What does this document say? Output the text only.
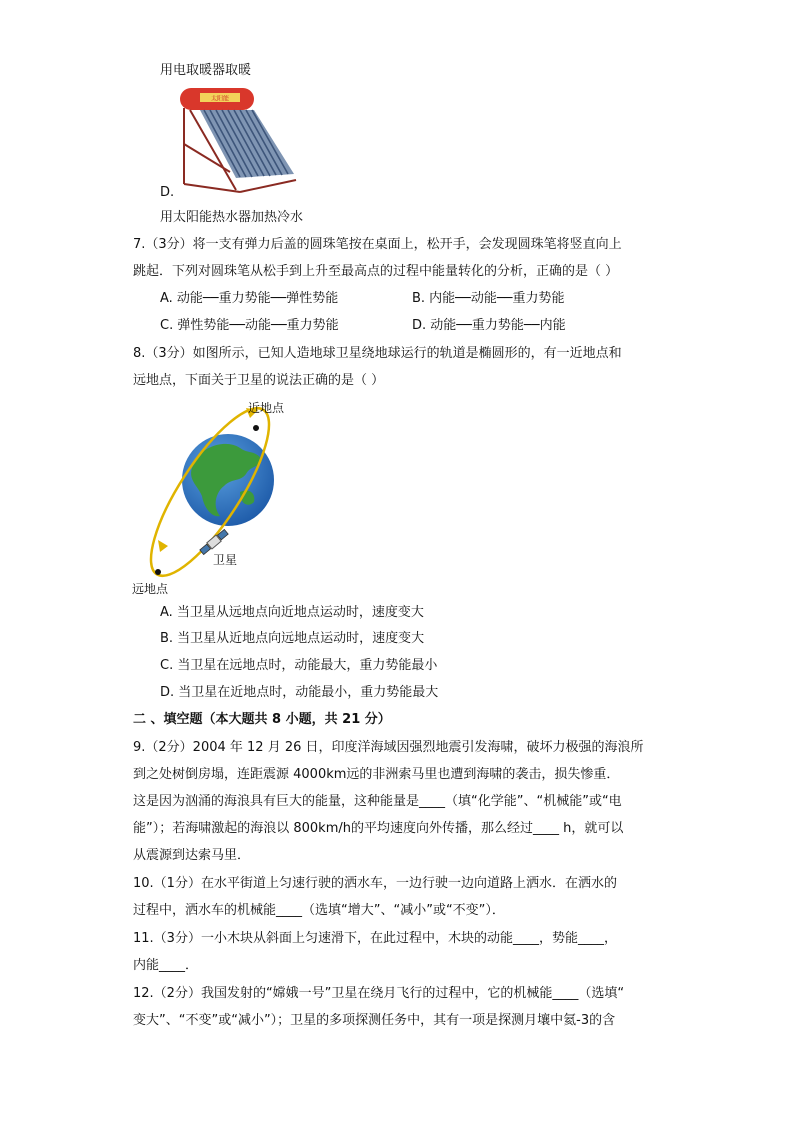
用电取暖器取暖
太阳能
D.
用太阳能热水器加热冷水
7.（3分）将一支有弹力后盖的圆珠笔按在桌面上，松开手，会发现圆珠笔将竖直向上
跳起．下列对圆珠笔从松手到上升至最高点的过程中能量转化的分析，正确的是（ ）
A. 动能──重力势能──弹性势能	B. 内能──动能──重力势能
C. 弹性势能──动能──重力势能	D. 动能──重力势能──内能
8.（3分）如图所示，已知人造地球卫星绕地球运行的轨道是椭圆形的，有一近地点和
远地点，下面关于卫星的说法正确的是（ ）
近地点
远地点
卫星
A. 当卫星从远地点向近地点运动时，速度变大
B. 当卫星从近地点向远地点运动时，速度变大
C. 当卫星在远地点时，动能最大，重力势能最小
D. 当卫星在近地点时，动能最小，重力势能最大
二 、填空题（本大题共 8 小题，共 21 分）
9.（2分）2004 年 12 月 26 日，印度洋海域因强烈地震引发海啸，破坏力极强的海浪所
到之处树倒房塌，连距震源 4000km远的非洲索马里也遭到海啸的袭击，损失惨重．
这是因为汹涌的海浪具有巨大的能量，这种能量是____（填“化学能”、“机械能”或“电
能”）；若海啸激起的海浪以 800km/h的平均速度向外传播，那么经过____ h，就可以
从震源到达索马里．
10.（1分）在水平街道上匀速行驶的洒水车，一边行驶一边向道路上洒水．在洒水的
过程中，洒水车的机械能____（选填“增大”、“减小”或“不变”）．
11.（3分）一小木块从斜面上匀速滑下，在此过程中，木块的动能____，势能____，
内能____．
12.（2分）我国发射的“嫦娥一号”卫星在绕月飞行的过程中，它的机械能____（选填“
变大”、“不变”或“减小”）；卫星的多项探测任务中，其有一项是探测月壤中氦-3的含
